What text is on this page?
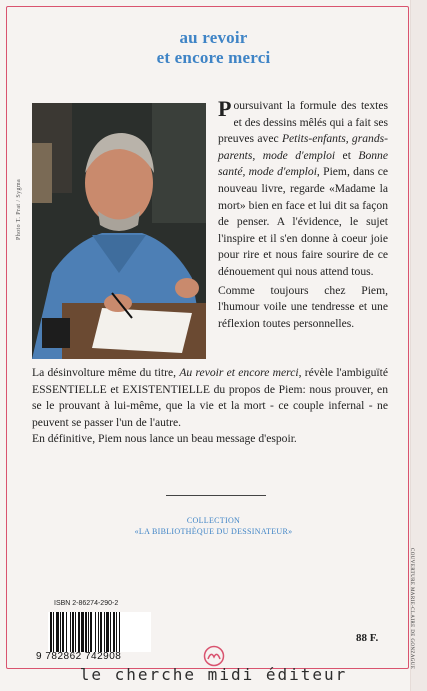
au revoir
et encore merci
Photo T. Prat / Sygma

Poursuivant la formule des textes et des dessins mêlés qui a fait ses preuves avec Petits-enfants, grands-parents, mode d'emploi et Bonne santé, mode d'emploi, Piem, dans ce nouveau livre, regarde «Madame la mort» bien en face et lui dit sa façon de penser. A l'évidence, le sujet l'inspire et il s'en donne à coeur joie pour rire et nous faire sourire de ce dénouement qui nous attend tous.

Comme toujours chez Piem, l'humour voile une tendresse et une réflexion toutes personnelles.

La désinvolture même du titre, Au revoir et encore merci, révèle l'ambiguïté ESSENTIELLE et EXISTENTIELLE du propos de Piem: nous prouver, en se le prouvant à lui-même, que la vie et la mort - ce couple infernal - ne peuvent se passer l'un de l'autre.

En définitive, Piem nous lance un beau message d'espoir.

COLLECTION
«LA BIBLIOTHÈQUE DU DESSINATEUR»
ISBN 2-86274-290-2
9 782862 742908
88 F.	COUVERTURE MARIE-CLAIRE DE GONZAGUE
le cherche midi éditeur
